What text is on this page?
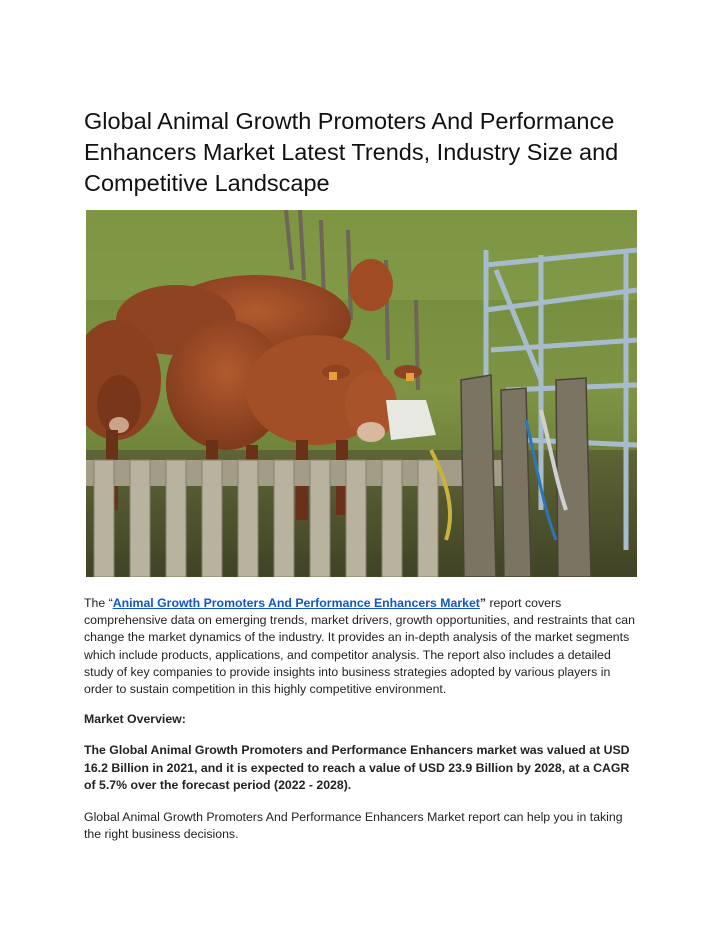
Global Animal Growth Promoters And Performance Enhancers Market Latest Trends, Industry Size and Competitive Landscape

The “Animal Growth Promoters And Performance Enhancers Market” report covers comprehensive data on emerging trends, market drivers, growth opportunities, and restraints that can change the market dynamics of the industry. It provides an in-depth analysis of the market segments which include products, applications, and competitor analysis. The report also includes a detailed study of key companies to provide insights into business strategies adopted by various players in order to sustain competition in this highly competitive environment.

Market Overview:

The Global Animal Growth Promoters and Performance Enhancers market was valued at USD 16.2 Billion in 2021, and it is expected to reach a value of USD 23.9 Billion by 2028, at a CAGR of 5.7% over the forecast period (2022 - 2028).

Global Animal Growth Promoters And Performance Enhancers Market report can help you in taking the right business decisions.
